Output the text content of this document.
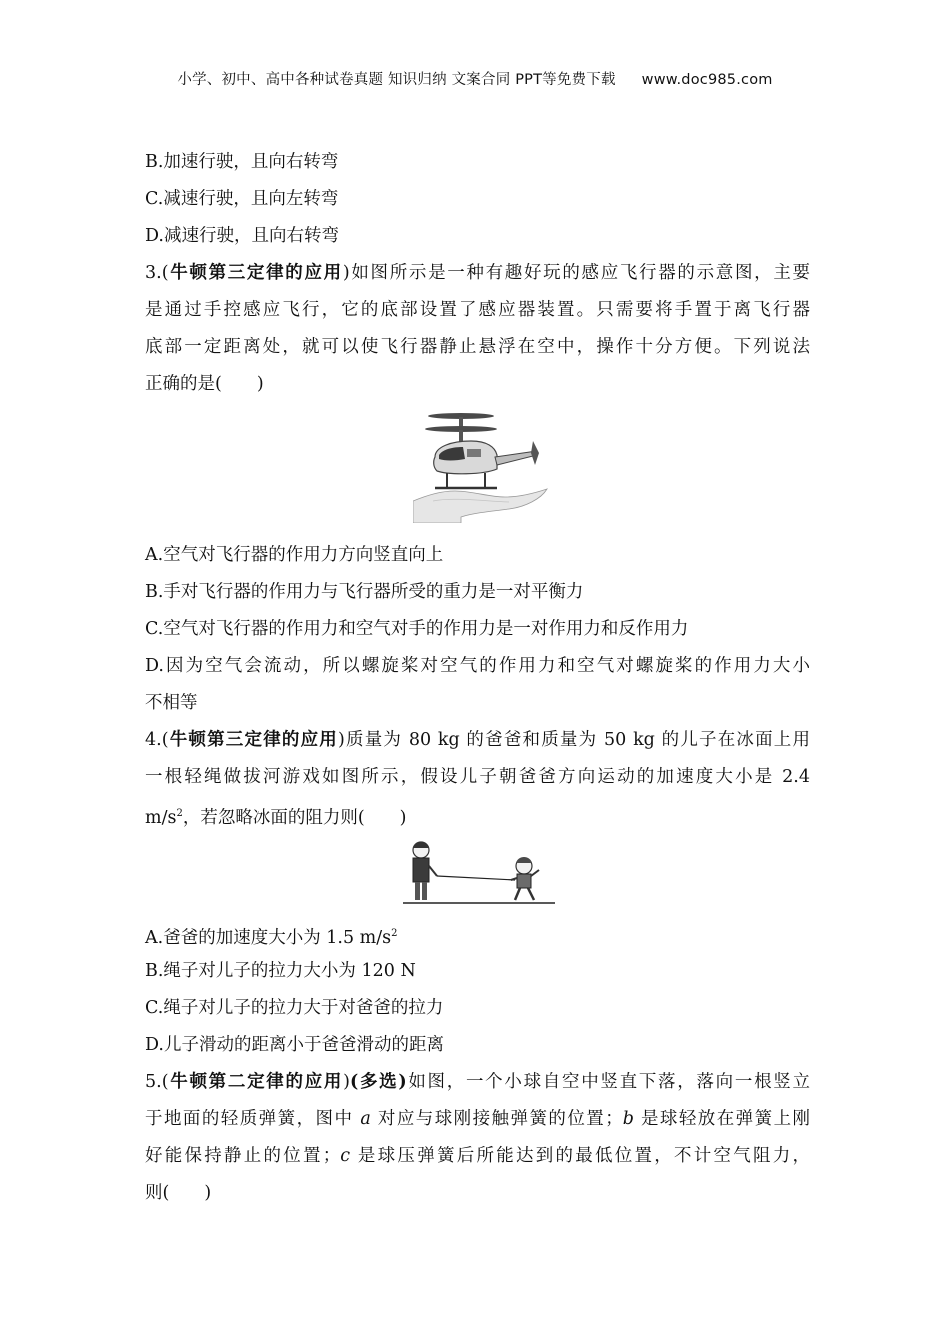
小学、初中、高中各种试卷真题 知识归纳 文案合同 PPT等免费下载 www.doc985.com
B.加速行驶，且向右转弯
C.减速行驶，且向左转弯
D.减速行驶，且向右转弯
3.(牛顿第三定律的应用)如图所示是一种有趣好玩的感应飞行器的示意图，主要
是通过手控感应飞行，它的底部设置了感应器装置。只需要将手置于离飞行器
底部一定距离处，就可以使飞行器静止悬浮在空中，操作十分方便。下列说法
正确的是(　　)
A.空气对飞行器的作用力方向竖直向上
B.手对飞行器的作用力与飞行器所受的重力是一对平衡力
C.空气对飞行器的作用力和空气对手的作用力是一对作用力和反作用力
D.因为空气会流动，所以螺旋桨对空气的作用力和空气对螺旋桨的作用力大小
不相等
4.(牛顿第三定律的应用)质量为 80 kg 的爸爸和质量为 50 kg 的儿子在冰面上用
一根轻绳做拔河游戏如图所示，假设儿子朝爸爸方向运动的加速度大小是 2.4
$m/s^2$，若忽略冰面的阻力则(　　)
A.爸爸的加速度大小为 1.5 $m/s^2$
B.绳子对儿子的拉力大小为 120 N
C.绳子对儿子的拉力大于对爸爸的拉力
D.儿子滑动的距离小于爸爸滑动的距离
5.(牛顿第二定律的应用)(多选)如图，一个小球自空中竖直下落，落向一根竖立
于地面的轻质弹簧，图中 a 对应与球刚接触弹簧的位置；b 是球轻放在弹簧上刚
好能保持静止的位置；c 是球压弹簧后所能达到的最低位置，不计空气阻力，
则(　　)
